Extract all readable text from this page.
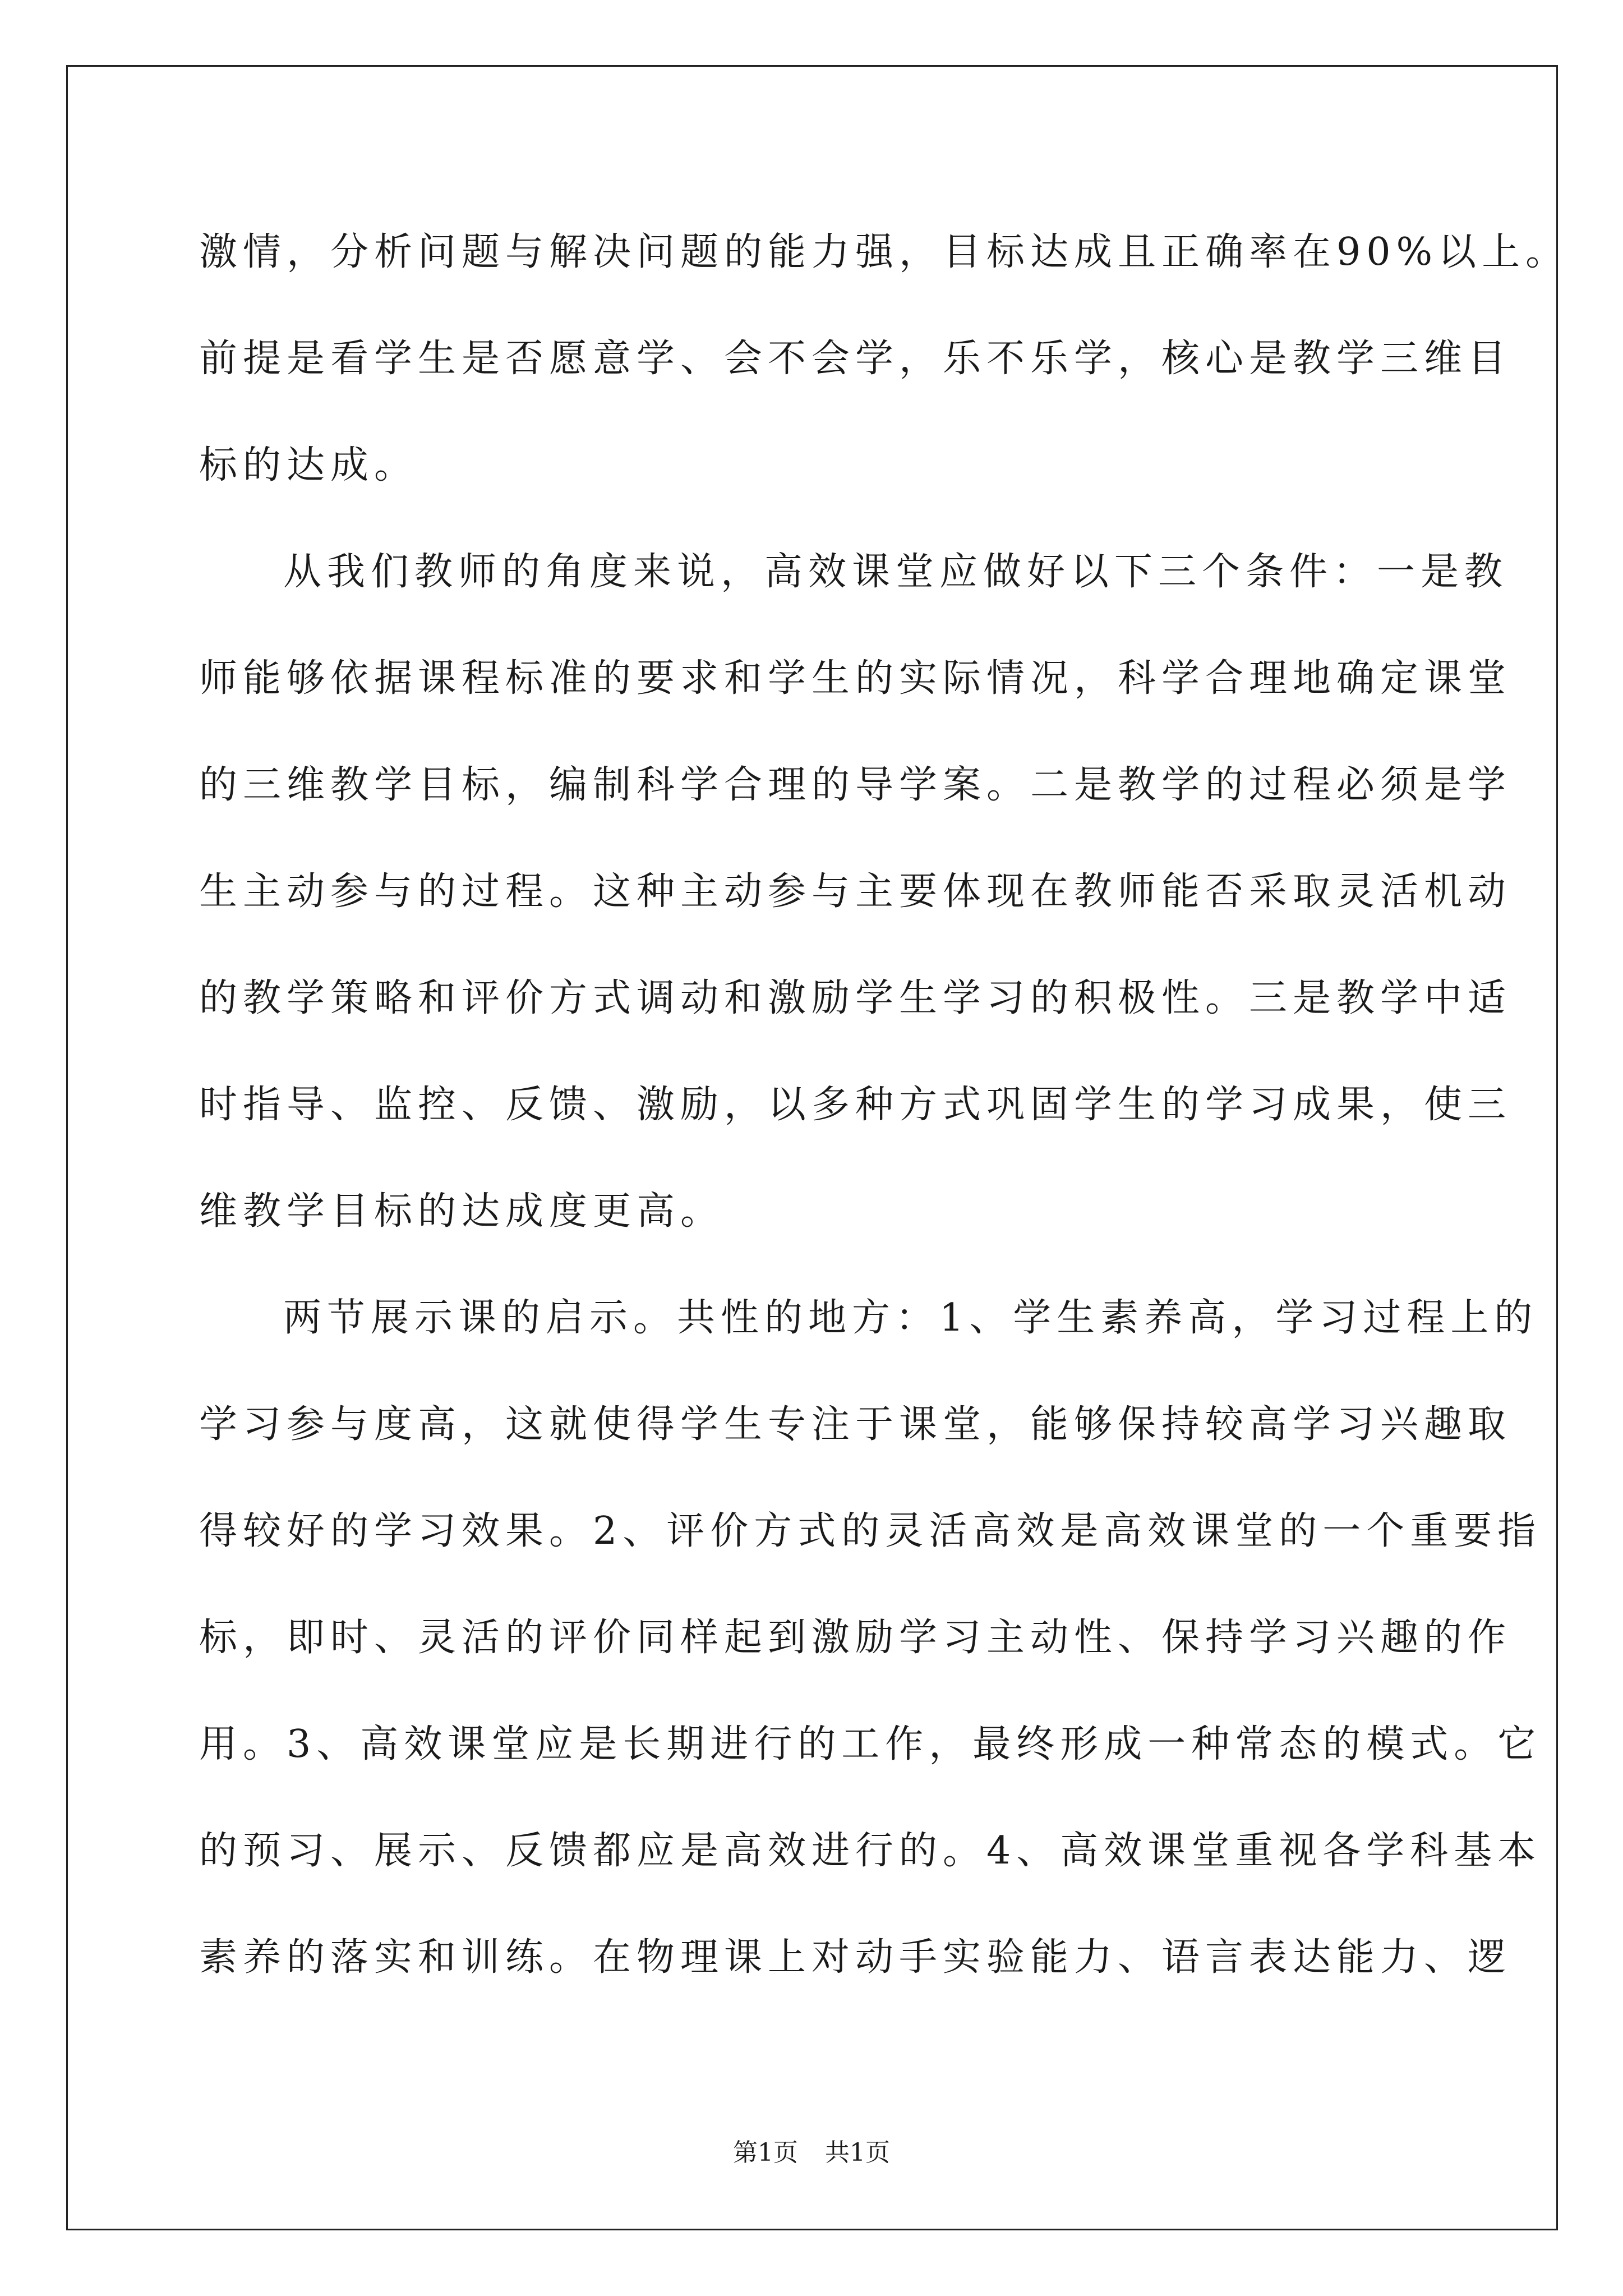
激情，分析问题与解决问题的能力强，目标达成且正确率在90%以上。
前提是看学生是否愿意学、会不会学，乐不乐学，核心是教学三维目
标的达成。
从我们教师的角度来说，高效课堂应做好以下三个条件：一是教
师能够依据课程标准的要求和学生的实际情况，科学合理地确定课堂
的三维教学目标，编制科学合理的导学案。二是教学的过程必须是学
生主动参与的过程。这种主动参与主要体现在教师能否采取灵活机动
的教学策略和评价方式调动和激励学生学习的积极性。三是教学中适
时指导、监控、反馈、激励，以多种方式巩固学生的学习成果，使三
维教学目标的达成度更高。
两节展示课的启示。共性的地方：1、学生素养高，学习过程上的
学习参与度高，这就使得学生专注于课堂，能够保持较高学习兴趣取
得较好的学习效果。2、评价方式的灵活高效是高效课堂的一个重要指
标，即时、灵活的评价同样起到激励学习主动性、保持学习兴趣的作
用。3、高效课堂应是长期进行的工作，最终形成一种常态的模式。它
的预习、展示、反馈都应是高效进行的。4、高效课堂重视各学科基本
素养的落实和训练。在物理课上对动手实验能力、语言表达能力、逻
第1页 共1页
